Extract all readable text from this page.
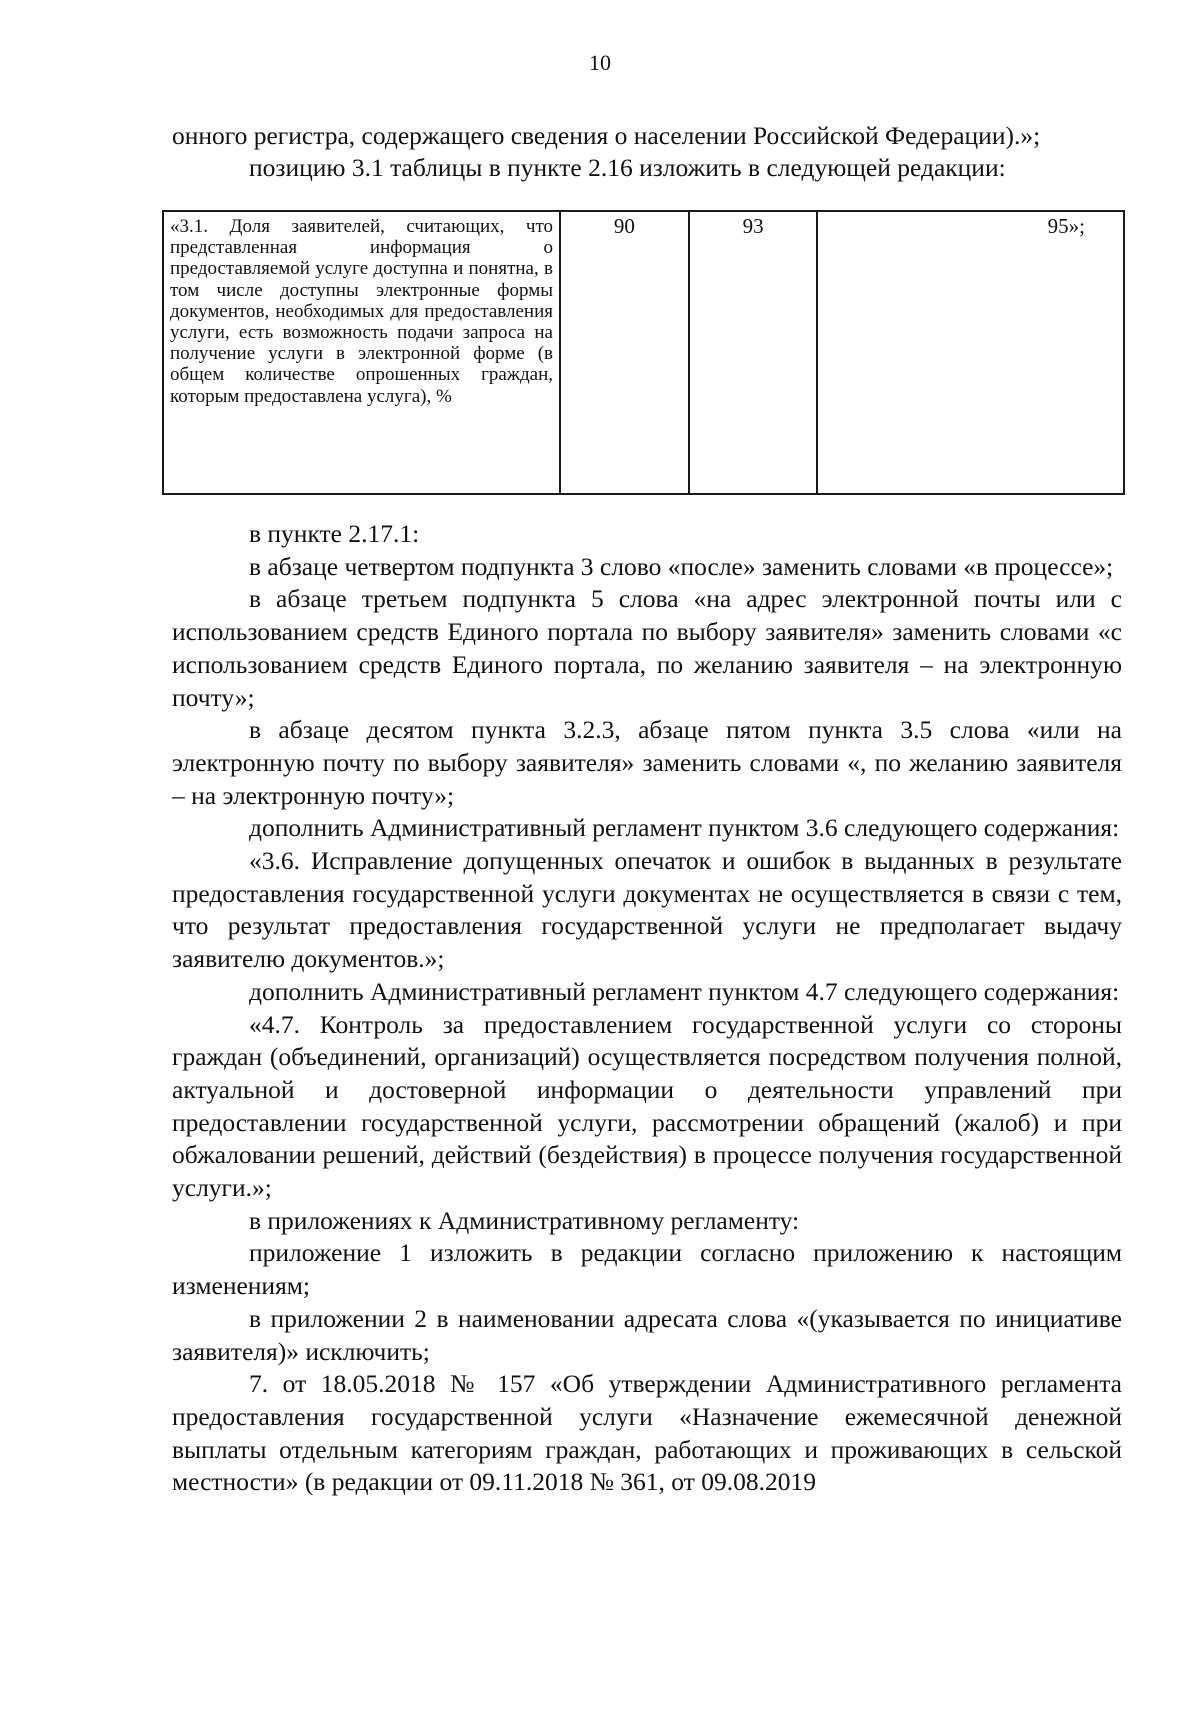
10

онного регистра, содержащего сведения о населении Российской Федерации).»;

позицию 3.1 таблицы в пункте 2.16 изложить в следующей редакции:

«3.1. Доля заявителей, считающих, что представленная информация о предоставляемой услуге доступна и понятна, в том числе доступны электронные формы документов, необходимых для предоставления услуги, есть возможность подачи запроса на получение услуги в электронной форме (в общем количестве опрошенных граждан, которым предоставлена услуга), %	90	93	95»;

в пункте 2.17.1:

в абзаце четвертом подпункта 3 слово «после» заменить словами «в процессе»;

в абзаце третьем подпункта 5 слова «на адрес электронной почты или с использованием средств Единого портала по выбору заявителя» заменить словами «с использованием средств Единого портала, по желанию заявителя – на электронную почту»;

в абзаце десятом пункта 3.2.3, абзаце пятом пункта 3.5 слова «или на электронную почту по выбору заявителя» заменить словами «, по желанию заявителя – на электронную почту»;

дополнить Административный регламент пунктом 3.6 следующего содержания:

«3.6. Исправление допущенных опечаток и ошибок в выданных в результате предоставления государственной услуги документах не осуществляется в связи с тем, что результат предоставления государственной услуги не предполагает выдачу заявителю документов.»;

дополнить Административный регламент пунктом 4.7 следующего содержания:

«4.7. Контроль за предоставлением государственной услуги со стороны граждан (объединений, организаций) осуществляется посредством получения полной, актуальной и достоверной информации о деятельности управлений при предоставлении государственной услуги, рассмотрении обращений (жалоб) и при обжаловании решений, действий (бездействия) в процессе получения государственной услуги.»;

в приложениях к Административному регламенту:

приложение 1 изложить в редакции согласно приложению к настоящим изменениям;

в приложении 2 в наименовании адресата слова «(указывается по инициативе заявителя)» исключить;

7. от 18.05.2018 № 157 «Об утверждении Административного регламента предоставления государственной услуги «Назначение ежемесячной денежной выплаты отдельным категориям граждан, работающих и проживающих в сельской местности» (в редакции от 09.11.2018 № 361, от 09.08.2019
